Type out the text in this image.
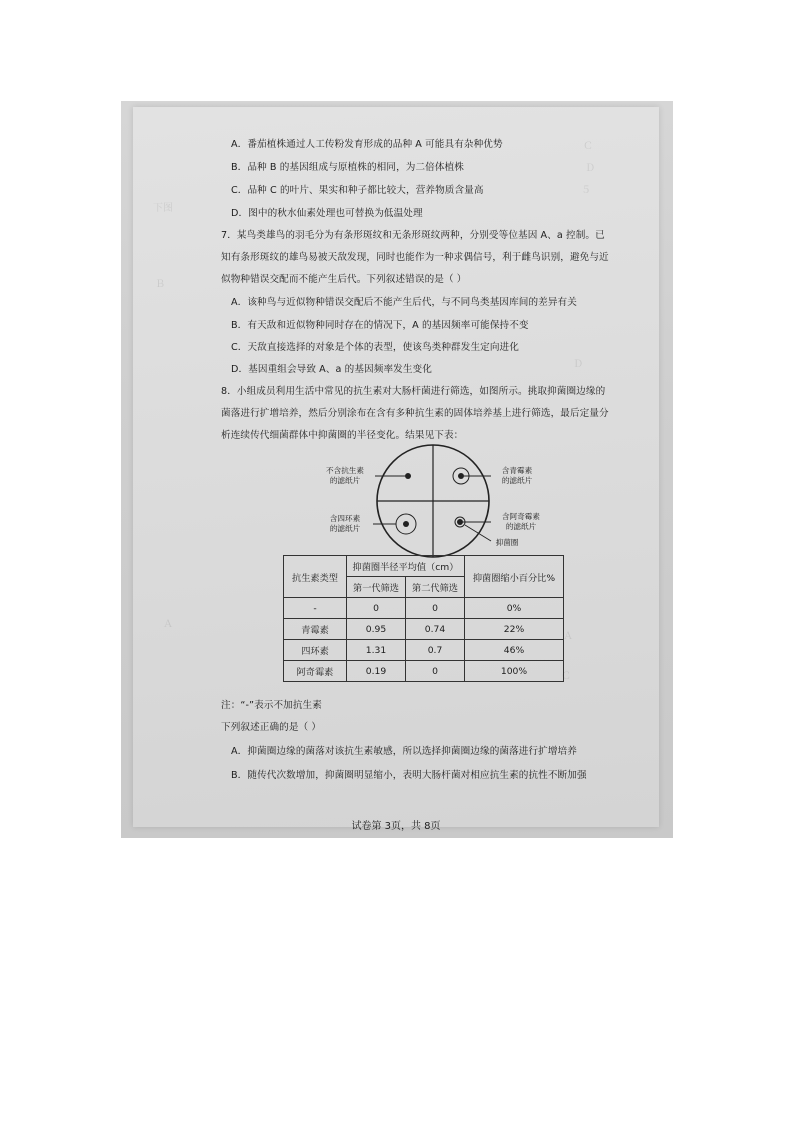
Ｃ
Ｄ
５
下图
Ｂ
Ｄ
Ａ
Ｃ
Ａ
A．番茄植株通过人工传粉发育形成的品种 A 可能具有杂种优势
B．品种 B 的基因组成与原植株的相同，为二倍体植株
C．品种 C 的叶片、果实和种子都比较大，营养物质含量高
D．图中的秋水仙素处理也可替换为低温处理
7．某鸟类雄鸟的羽毛分为有条形斑纹和无条形斑纹两种，分别受等位基因 A、a 控制。已
知有条形斑纹的雄鸟易被天敌发现，同时也能作为一种求偶信号，利于雌鸟识别，避免与近
似物种错误交配而不能产生后代。下列叙述错误的是（ ）
A．该种鸟与近似物种错误交配后不能产生后代，与不同鸟类基因库间的差异有关
B．有天敌和近似物种同时存在的情况下，A 的基因频率可能保持不变
C．天敌直接选择的对象是个体的表型，使该鸟类种群发生定向进化
D．基因重组会导致 A、a 的基因频率发生变化
8．小组成员利用生活中常见的抗生素对大肠杆菌进行筛选，如图所示。挑取抑菌圈边缘的
菌落进行扩增培养，然后分别涂布在含有多种抗生素的固体培养基上进行筛选，最后定量分
析连续传代细菌群体中抑菌圈的半径变化。结果见下表：
不含抗生素
的滤纸片
含青霉素
的滤纸片
含四环素
的滤纸片
含阿奇霉素
的滤纸片
抑菌圈
抗生素类型	抑菌圈半径平均值（cm）		抑菌圈缩小百分比%
	第一代筛选	第二代筛选	
-	0	0	0%
青霉素	0.95	0.74	22%
四环素	1.31	0.7	46%
阿奇霉素	0.19	0	100%
注：“-”表示不加抗生素
下列叙述正确的是（ ）
A．抑菌圈边缘的菌落对该抗生素敏感，所以选择抑菌圈边缘的菌落进行扩增培养
B．随传代次数增加，抑菌圈明显缩小，表明大肠杆菌对相应抗生素的抗性不断加强
试卷第 3页，共 8页
